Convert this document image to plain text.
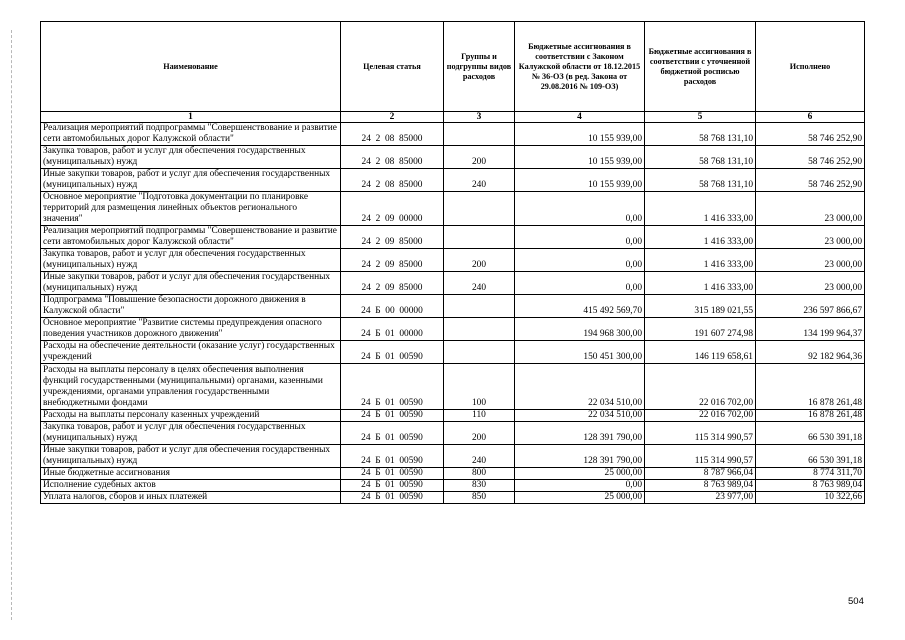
Наименование	Целевая статья	Группы и подгруппы видов расходов	Бюджетные ассигнования в соответствии с Законом Калужской области от 18.12.2015 № 36-ОЗ (в ред. Закона от 29.08.2016 № 109-ОЗ)	Бюджетные ассигнования в соответствии с уточненной бюджетной росписью расходов	Исполнено
1	2	3	4	5	6
Реализация мероприятий подпрограммы "Совершенствование и развитие сети автомобильных дорог Калужской области"	24  2  08  85000		10 155 939,00	58 768 131,10	58 746 252,90
Закупка товаров, работ и услуг для обеспечения государственных (муниципальных) нужд	24  2  08  85000	200	10 155 939,00	58 768 131,10	58 746 252,90
Иные закупки товаров, работ и услуг для обеспечения государственных (муниципальных) нужд	24  2  08  85000	240	10 155 939,00	58 768 131,10	58 746 252,90
Основное мероприятие "Подготовка документации по планировке территорий для размещения линейных объектов регионального значения"	24  2  09  00000		0,00	1 416 333,00	23 000,00
Реализация мероприятий подпрограммы "Совершенствование и развитие сети автомобильных дорог Калужской области"	24  2  09  85000		0,00	1 416 333,00	23 000,00
Закупка товаров, работ и услуг для обеспечения государственных (муниципальных) нужд	24  2  09  85000	200	0,00	1 416 333,00	23 000,00
Иные закупки товаров, работ и услуг для обеспечения государственных (муниципальных) нужд	24  2  09  85000	240	0,00	1 416 333,00	23 000,00
Подпрограмма "Повышение безопасности дорожного движения в Калужской области"	24  Б  00  00000		415 492 569,70	315 189 021,55	236 597 866,67
Основное мероприятие "Развитие системы предупреждения опасного поведения участников дорожного движения"	24  Б  01  00000		194 968 300,00	191 607 274,98	134 199 964,37
Расходы на обеспечение деятельности (оказание услуг) государственных учреждений	24  Б  01  00590		150 451 300,00	146 119 658,61	92 182 964,36
Расходы на выплаты персоналу в целях обеспечения выполнения функций государственными (муниципальными) органами, казенными учреждениями, органами управления государственными внебюджетными фондами	24  Б  01  00590	100	22 034 510,00	22 016 702,00	16 878 261,48
Расходы на выплаты персоналу казенных учреждений	24  Б  01  00590	110	22 034 510,00	22 016 702,00	16 878 261,48
Закупка товаров, работ и услуг для обеспечения государственных (муниципальных) нужд	24  Б  01  00590	200	128 391 790,00	115 314 990,57	66 530 391,18
Иные закупки товаров, работ и услуг для обеспечения государственных (муниципальных) нужд	24  Б  01  00590	240	128 391 790,00	115 314 990,57	66 530 391,18
Иные бюджетные ассигнования	24  Б  01  00590	800	25 000,00	8 787 966,04	8 774 311,70
Исполнение судебных актов	24  Б  01  00590	830	0,00	8 763 989,04	8 763 989,04
Уплата налогов, сборов и иных платежей	24  Б  01  00590	850	25 000,00	23 977,00	10 322,66
504
